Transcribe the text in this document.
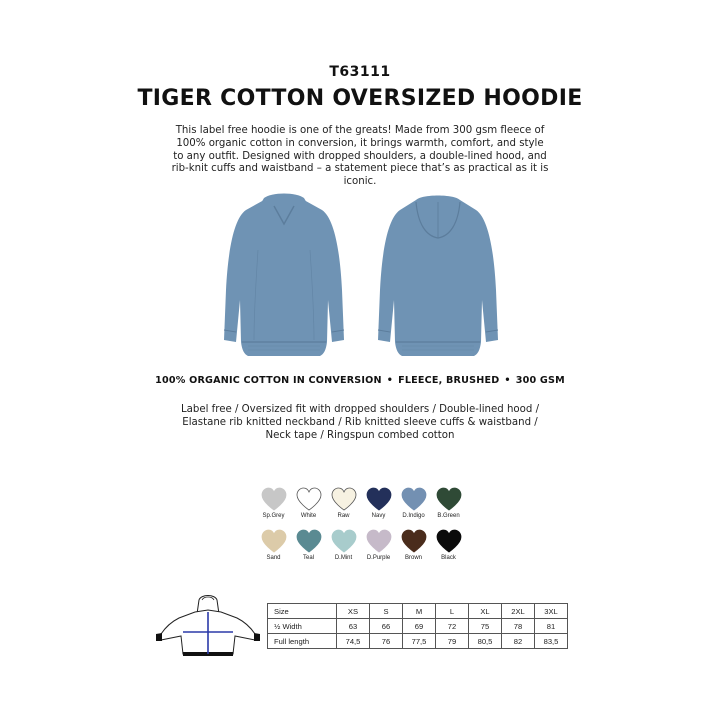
T63111
TIGER COTTON OVERSIZED HOODIE
This label free hoodie is one of the greats! Made from 300 gsm fleece of 100% organic cotton in conversion, it brings warmth, comfort, and style to any outfit. Designed with dropped shoulders, a double-lined hood, and rib-knit cuffs and waistband – a statement piece that’s as practical as it is iconic.
100% ORGANIC COTTON IN CONVERSION • FLEECE, BRUSHED • 300 GSM
Label free / Oversized fit with dropped shoulders / Double-lined hood / Elastane rib knitted neckband / Rib knitted sleeve cuffs & waistband / Neck tape / Ringspun combed cotton
Sp.Grey	White	Raw	Navy	D.Indigo B.Green
Sand	Teal	D.Mint D.Purple Brown	Black
Size	XS	S	M	L	XL	2XL	3XL
½ Width	63	66	69	72	75	78	81
Full length	74,5	76	77,5	79	80,5	82	83,5
